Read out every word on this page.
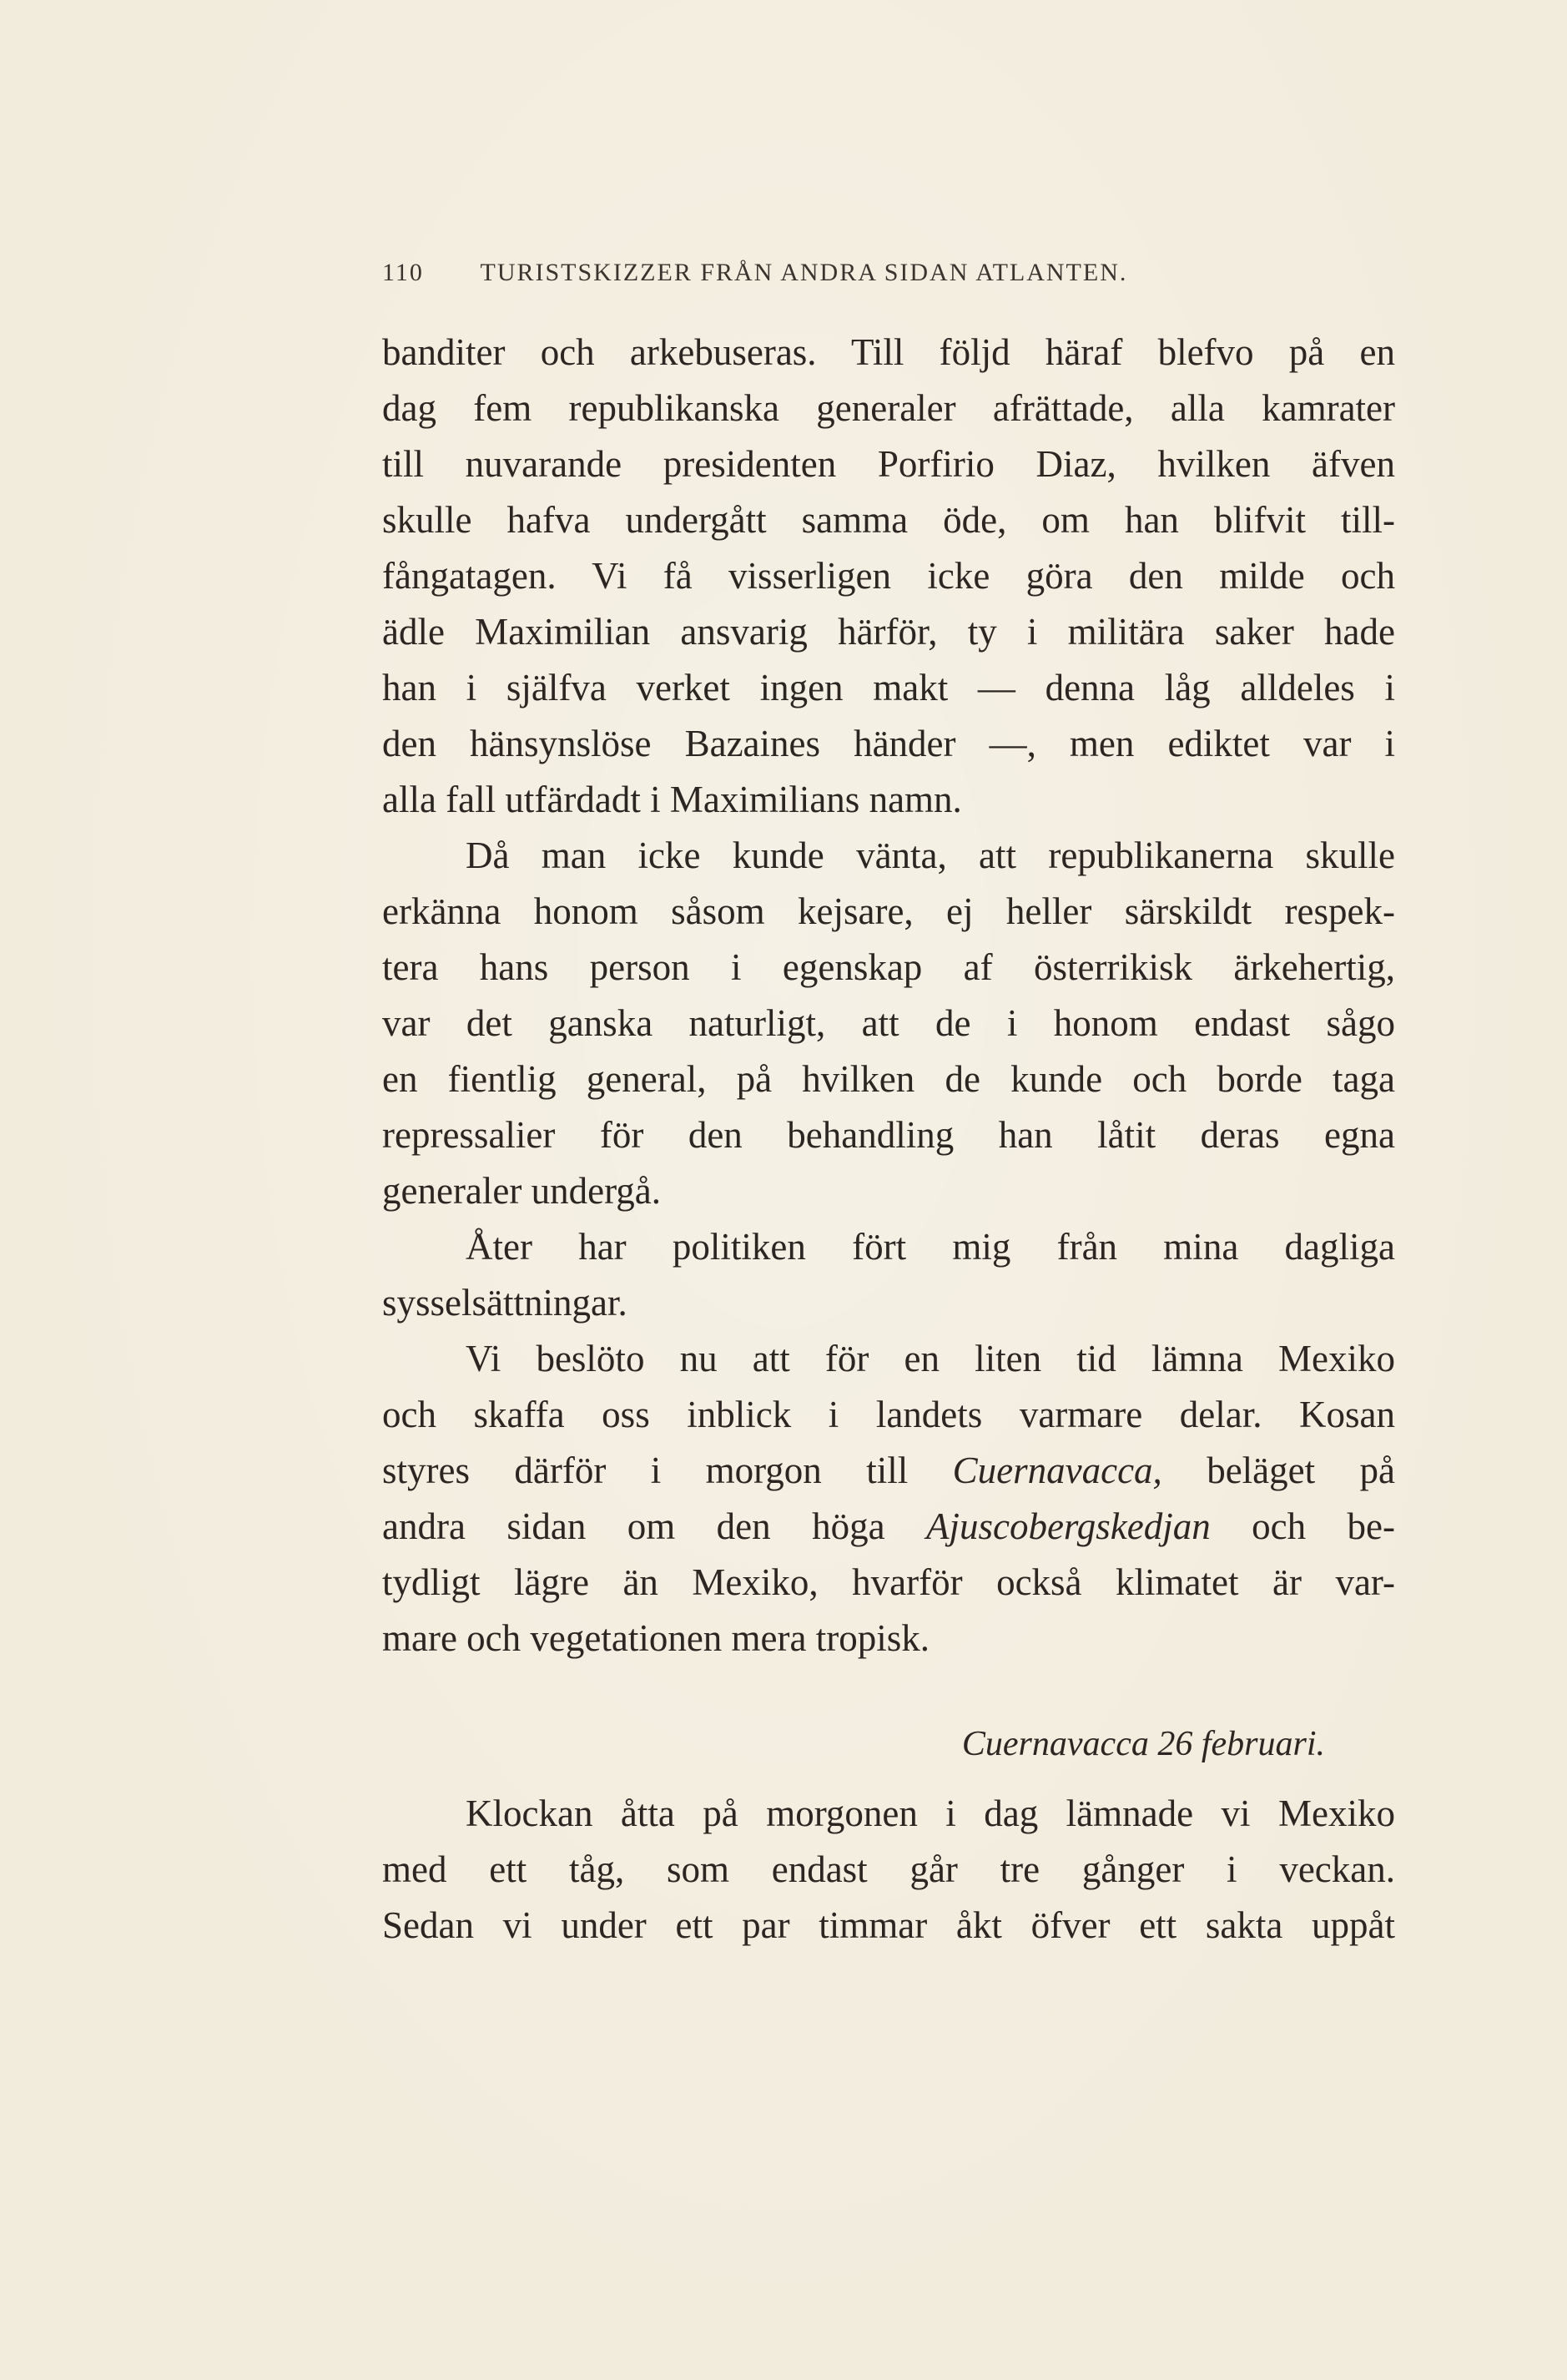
110 TURISTSKIZZER FRÅN ANDRA SIDAN ATLANTEN.
banditer och arkebuseras. Till följd häraf blefvo på en
dag fem republikanska generaler afrättade, alla kamrater
till nuvarande presidenten Porfirio Diaz, hvilken äfven
skulle hafva undergått samma öde, om han blifvit till-
fångatagen. Vi få visserligen icke göra den milde och
ädle Maximilian ansvarig härför, ty i militära saker hade
han i själfva verket ingen makt — denna låg alldeles i
den hänsynslöse Bazaines händer —, men ediktet var i
alla fall utfärdadt i Maximilians namn.
Då man icke kunde vänta, att republikanerna skulle
erkänna honom såsom kejsare, ej heller särskildt respek-
tera hans person i egenskap af österrikisk ärkehertig,
var det ganska naturligt, att de i honom endast sågo
en fientlig general, på hvilken de kunde och borde taga
repressalier för den behandling han låtit deras egna
generaler undergå.
Åter har politiken fört mig från mina dagliga
sysselsättningar.
Vi beslöto nu att för en liten tid lämna Mexiko
och skaffa oss inblick i landets varmare delar. Kosan
styres därför i morgon till Cuernavacca, beläget på
andra sidan om den höga Ajuscobergskedjan och be-
tydligt lägre än Mexiko, hvarför också klimatet är var-
mare och vegetationen mera tropisk.
Cuernavacca 26 februari.
Klockan åtta på morgonen i dag lämnade vi Mexiko
med ett tåg, som endast går tre gånger i veckan.
Sedan vi under ett par timmar åkt öfver ett sakta uppåt
